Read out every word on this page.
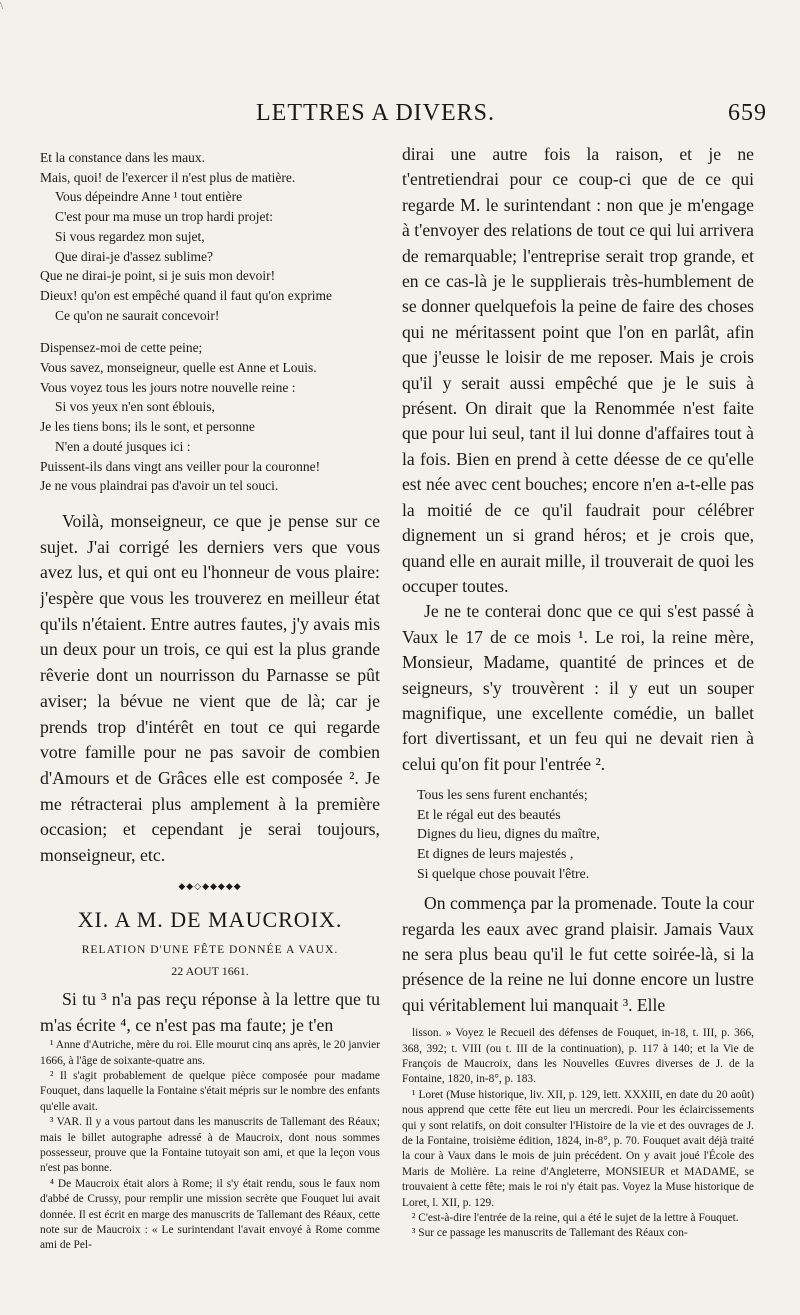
\
LETTRES A DIVERS.	659

Et la constance dans les maux.

Mais, quoi! de l'exercer il n'est plus de matière.

Vous dépeindre Anne ¹ tout entière

C'est pour ma muse un trop hardi projet:

Si vous regardez mon sujet,

Que dirai-je d'assez sublime?

Que ne dirai-je point, si je suis mon devoir!

Dieux! qu'on est empêché quand il faut qu'on exprime

Ce qu'on ne saurait concevoir!

Dispensez-moi de cette peine;

Vous savez, monseigneur, quelle est Anne et Louis.

Vous voyez tous les jours notre nouvelle reine :

Si vos yeux n'en sont éblouis,

Je les tiens bons; ils le sont, et personne

N'en a douté jusques ici :

Puissent-ils dans vingt ans veiller pour la couronne!

Je ne vous plaindrai pas d'avoir un tel souci.

Voilà, monseigneur, ce que je pense sur ce sujet. J'ai corrigé les derniers vers que vous avez lus, et qui ont eu l'honneur de vous plaire: j'espère que vous les trouverez en meilleur état qu'ils n'étaient. Entre autres fautes, j'y avais mis un deux pour un trois, ce qui est la plus grande rêverie dont un nourrisson du Parnasse se pût aviser; la bévue ne vient que de là; car je prends trop d'intérêt en tout ce qui regarde votre famille pour ne pas savoir de combien d'Amours et de Grâces elle est composée ². Je me rétracterai plus amplement à la première occasion; et cependant je serai toujours, monseigneur, etc.

◆◆◇◆◆◆◆◆

XI. A M. DE MAUCROIX.

RELATION D'UNE FÊTE DONNÉE A VAUX.

22 AOUT 1661.

Si tu ³ n'a pas reçu réponse à la lettre que tu m'as écrite ⁴, ce n'est pas ma faute; je t'en

¹ Anne d'Autriche, mère du roi. Elle mourut cinq ans après, le 20 janvier 1666, à l'âge de soixante-quatre ans.

² Il s'agit probablement de quelque pièce composée pour madame Fouquet, dans laquelle la Fontaine s'était mépris sur le nombre des enfants qu'elle avait.

³ VAR. Il y a vous partout dans les manuscrits de Tallemant des Réaux; mais le billet autographe adressé à de Maucroix, dont nous sommes possesseur, prouve que la Fontaine tutoyait son ami, et que la leçon vous n'est pas bonne.

⁴ De Maucroix était alors à Rome; il s'y était rendu, sous le faux nom d'abbé de Crussy, pour remplir une mission secrète que Fouquet lui avait donnée. Il est écrit en marge des manuscrits de Tallemant des Réaux, cette note sur de Maucroix : « Le surintendant l'avait envoyé à Rome comme ami de Pel-

dirai une autre fois la raison, et je ne t'entretiendrai pour ce coup-ci que de ce qui regarde M. le surintendant : non que je m'engage à t'envoyer des relations de tout ce qui lui arrivera de remarquable; l'entreprise serait trop grande, et en ce cas-là je le supplierais très-humblement de se donner quelquefois la peine de faire des choses qui ne méritassent point que l'on en parlât, afin que j'eusse le loisir de me reposer. Mais je crois qu'il y serait aussi empêché que je le suis à présent. On dirait que la Renommée n'est faite que pour lui seul, tant il lui donne d'affaires tout à la fois. Bien en prend à cette déesse de ce qu'elle est née avec cent bouches; encore n'en a-t-elle pas la moitié de ce qu'il faudrait pour célébrer dignement un si grand héros; et je crois que, quand elle en aurait mille, il trouverait de quoi les occuper toutes.

Je ne te conterai donc que ce qui s'est passé à Vaux le 17 de ce mois ¹. Le roi, la reine mère, Monsieur, Madame, quantité de princes et de seigneurs, s'y trouvèrent : il y eut un souper magnifique, une excellente comédie, un ballet fort divertissant, et un feu qui ne devait rien à celui qu'on fit pour l'entrée ².

Tous les sens furent enchantés;

Et le régal eut des beautés

Dignes du lieu, dignes du maître,

Et dignes de leurs majestés ,

Si quelque chose pouvait l'être.

On commença par la promenade. Toute la cour regarda les eaux avec grand plaisir. Jamais Vaux ne sera plus beau qu'il le fut cette soirée-là, si la présence de la reine ne lui donne encore un lustre qui véritablement lui manquait ³. Elle

lisson. » Voyez le Recueil des défenses de Fouquet, in-18, t. III, p. 366, 368, 392; t. VIII (ou t. III de la continuation), p. 117 à 140; et la Vie de François de Maucroix, dans les Nouvelles Œuvres diverses de J. de la Fontaine, 1820, in-8°, p. 183.

¹ Loret (Muse historique, liv. XII, p. 129, lett. XXXIII, en date du 20 août) nous apprend que cette fête eut lieu un mercredi. Pour les éclaircissements qui y sont relatifs, on doit consulter l'Histoire de la vie et des ouvrages de J. de la Fontaine, troisième édition, 1824, in-8°, p. 70. Fouquet avait déjà traité la cour à Vaux dans le mois de juin précédent. On y avait joué l'École des Maris de Molière. La reine d'Angleterre, MONSIEUR et MADAME, se trouvaient à cette fête; mais le roi n'y était pas. Voyez la Muse historique de Loret, l. XII, p. 129.

² C'est-à-dire l'entrée de la reine, qui a été le sujet de la lettre à Fouquet.

³ Sur ce passage les manuscrits de Tallemant des Réaux con-
